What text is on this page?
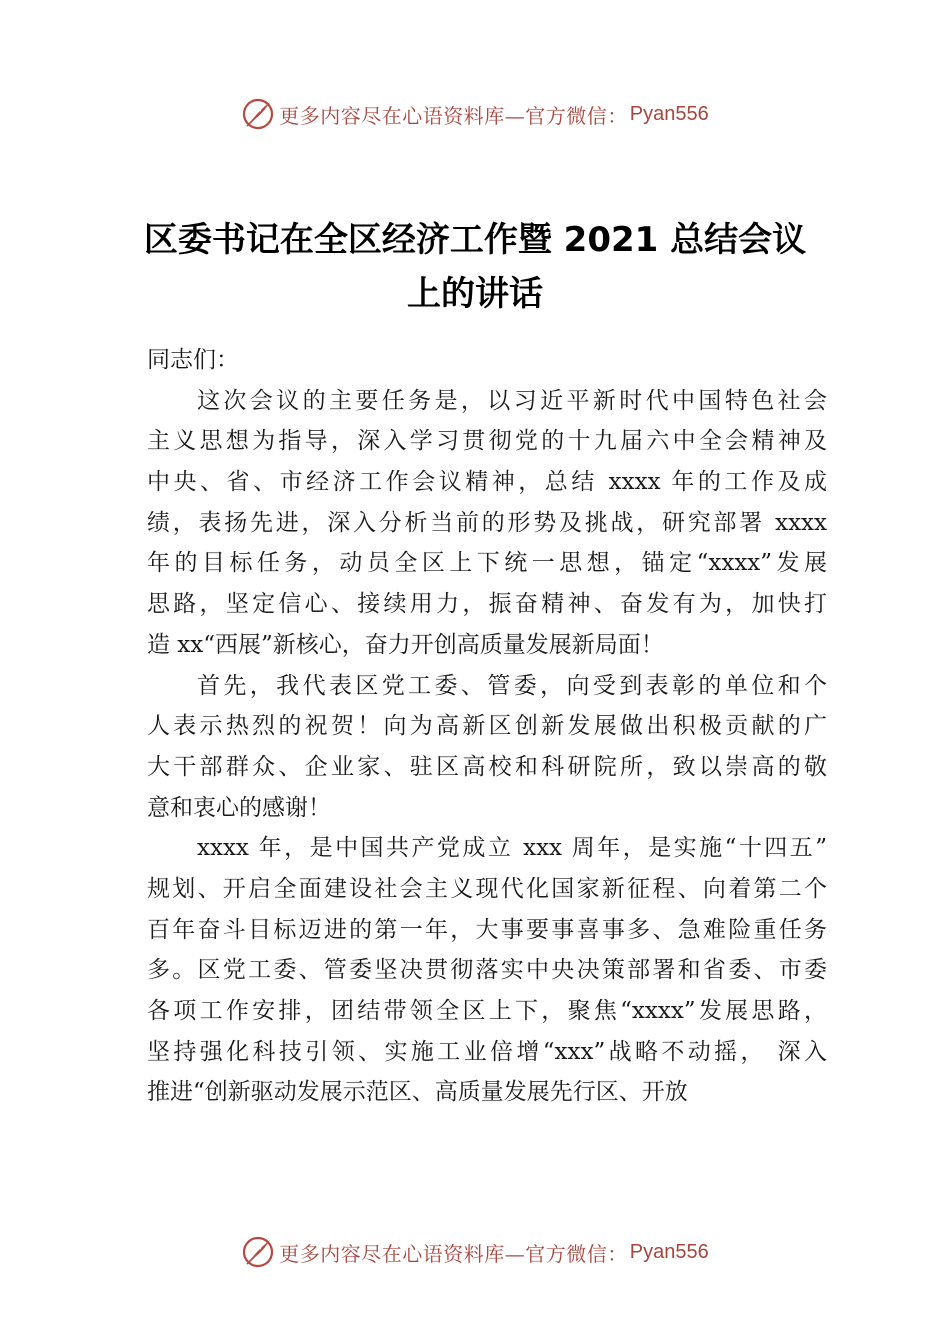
更多内容尽在心语资料库—官方微信： Pyan556
区委书记在全区经济工作暨 2021 总结会议
上的讲话
同志们：
这次会议的主要任务是，以习近平新时代中国特色社会
主义思想为指导，深入学习贯彻党的十九届六中全会精神及
中央、省、市经济工作会议精神，总结 xxxx 年的工作及成
绩，表扬先进，深入分析当前的形势及挑战，研究部署 xxxx
年的目标任务，动员全区上下统一思想，锚定“xxxx”发展
思路，坚定信心、接续用力，振奋精神、奋发有为，加快打
造 xx“西展”新核心，奋力开创高质量发展新局面！
首先，我代表区党工委、管委，向受到表彰的单位和个
人表示热烈的祝贺！向为高新区创新发展做出积极贡献的广
大干部群众、企业家、驻区高校和科研院所，致以崇高的敬
意和衷心的感谢！
xxxx 年，是中国共产党成立 xxx 周年，是实施“十四五”
规划、开启全面建设社会主义现代化国家新征程、向着第二个
百年奋斗目标迈进的第一年，大事要事喜事多、急难险重任务
多。区党工委、管委坚决贯彻落实中央决策部署和省委、市委
各项工作安排，团结带领全区上下，聚焦“xxxx”发展思路，
坚持强化科技引领、实施工业倍增“xxx”战略不动摇， 深入
推进“创新驱动发展示范区、高质量发展先行区、开放
更多内容尽在心语资料库—官方微信： Pyan556
